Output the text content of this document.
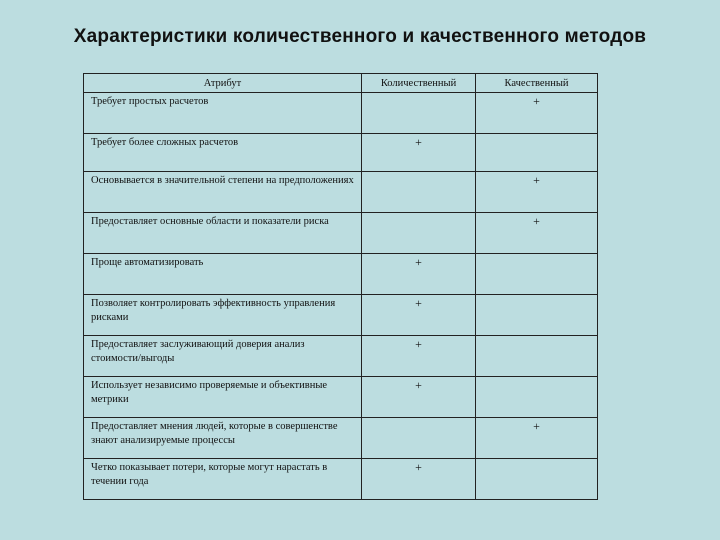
Характеристики количественного и качественного методов
Атрибут	Количественный	Качественный
Требует простых расчетов		+
Требует более сложных расчетов	+	
Основывается в значительной степени на предположениях		+
Предоставляет основные области и показатели риска		+
Проще автоматизировать	+	
Позволяет контролировать эффективность управления рисками	+	
Предоставляет заслуживающий доверия анализ стоимости/выгоды	+	
Использует независимо проверяемые и объективные метрики	+	
Предоставляет мнения людей, которые в совершенстве знают анализируемые процессы		+
Четко показывает потери, которые могут нарастать в течении года	+	
